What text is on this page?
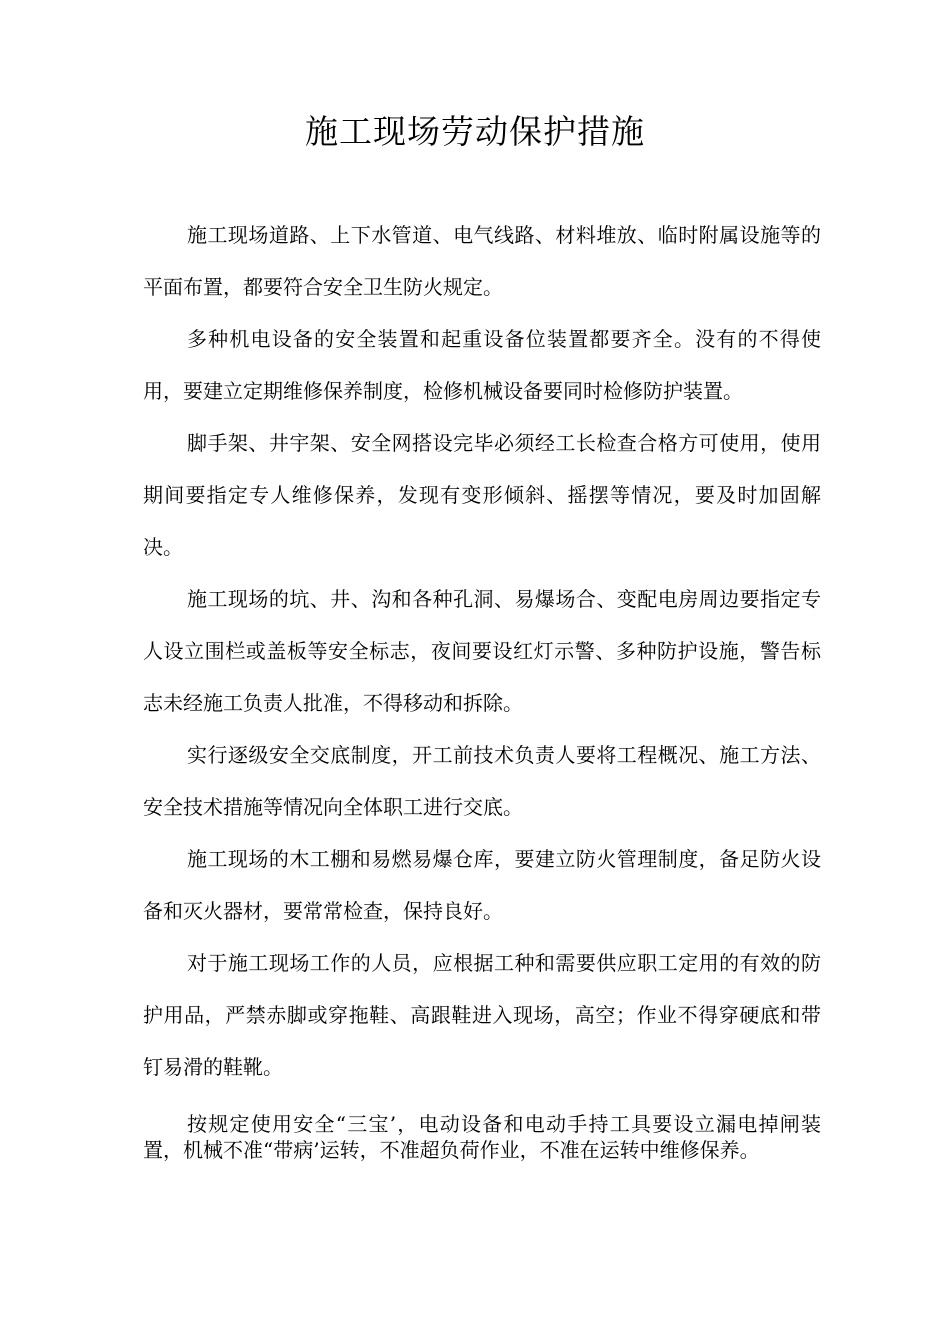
施工现场劳动保护措施

施工现场道路、上下水管道、电气线路、材料堆放、临时附属设施等的平面布置，都要符合安全卫生防火规定。

多种机电设备的安全装置和起重设备位装置都要齐全。没有的不得使用，要建立定期维修保养制度，检修机械设备要同时检修防护装置。

脚手架、井宇架、安全网搭设完毕必须经工长检查合格方可使用，使用期间要指定专人维修保养，发现有变形倾斜、摇摆等情况，要及时加固解决。

施工现场的坑、井、沟和各种孔洞、易爆场合、变配电房周边要指定专人设立围栏或盖板等安全标志，夜间要设红灯示警、多种防护设施，警告标志未经施工负责人批准，不得移动和拆除。

实行逐级安全交底制度，开工前技术负责人要将工程概况、施工方法、安全技术措施等情况向全体职工进行交底。

施工现场的木工棚和易燃易爆仓库，要建立防火管理制度，备足防火设备和灭火器材，要常常检查，保持良好。

对于施工现场工作的人员，应根据工种和需要供应职工定用的有效的防护用品，严禁赤脚或穿拖鞋、高跟鞋进入现场，高空；作业不得穿硬底和带钉易滑的鞋靴。

按规定使用安全“三宝’，电动设备和电动手持工具要设立漏电掉闸装置，机械不准“带病’运转，不准超负荷作业，不准在运转中维修保养。
